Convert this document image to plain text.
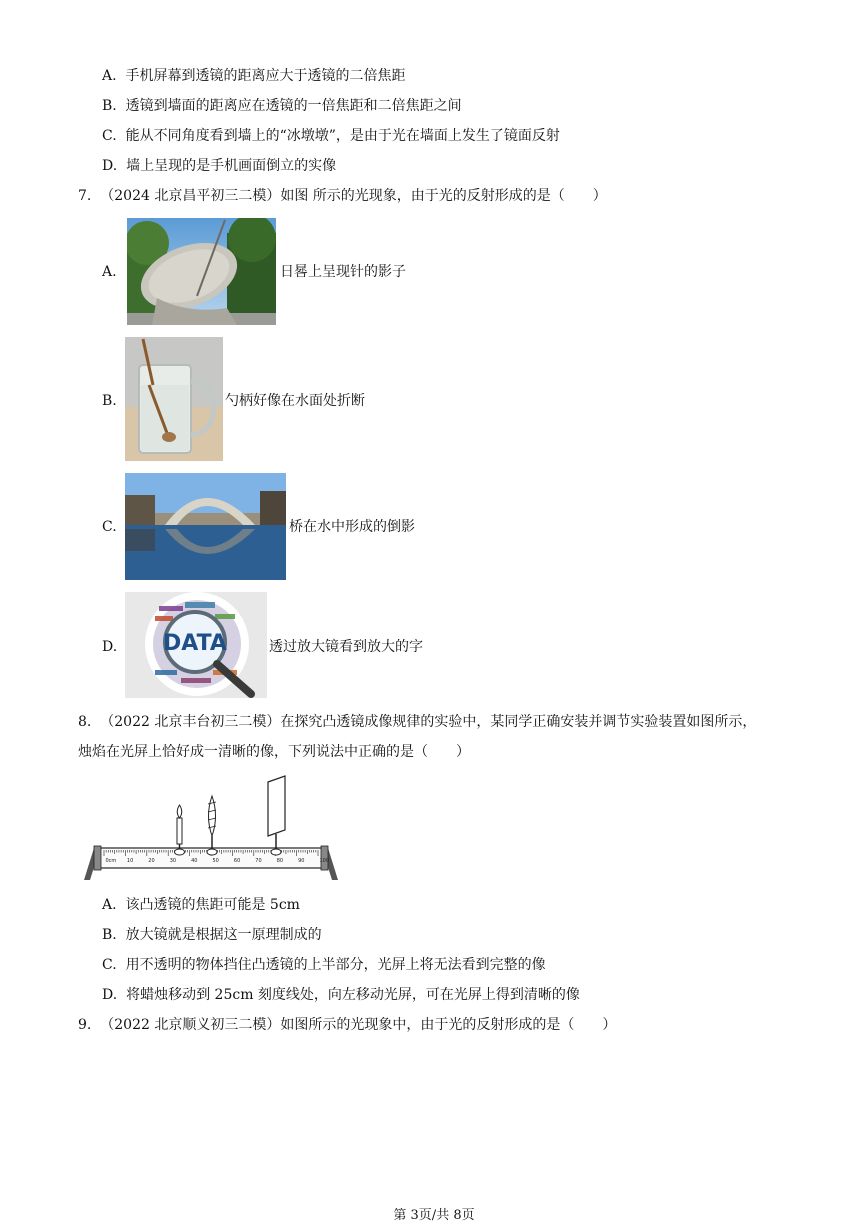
A. 手机屏幕到透镜的距离应大于透镜的二倍焦距
B. 透镜到墙面的距离应在透镜的一倍焦距和二倍焦距之间
C. 能从不同角度看到墙上的“冰墩墩”，是由于光在墙面上发生了镜面反射
D. 墙上呈现的是手机画面倒立的实像
7. （2024 北京昌平初三二模）如图 所示的光现象，由于光的反射形成的是（　　）
A.	日晷上呈现针的影子
B.	勺柄好像在水面处折断
C.	桥在水中形成的倒影
D. DATA	透过放大镜看到放大的字
8. （2022 北京丰台初三二模）在探究凸透镜成像规律的实验中，某同学正确安装并调节实验装置如图所示，
烛焰在光屏上恰好成一清晰的像，下列说法中正确的是（　　）
0cm 10	20	30	40	50	60	70	80	90	100
A. 该凸透镜的焦距可能是 5cm
B. 放大镜就是根据这一原理制成的
C. 用不透明的物体挡住凸透镜的上半部分，光屏上将无法看到完整的像
D. 将蜡烛移动到 25cm 刻度线处，向左移动光屏，可在光屏上得到清晰的像
9. （2022 北京顺义初三二模）如图所示的光现象中，由于光的反射形成的是（　　）
第 3页/共 8页
